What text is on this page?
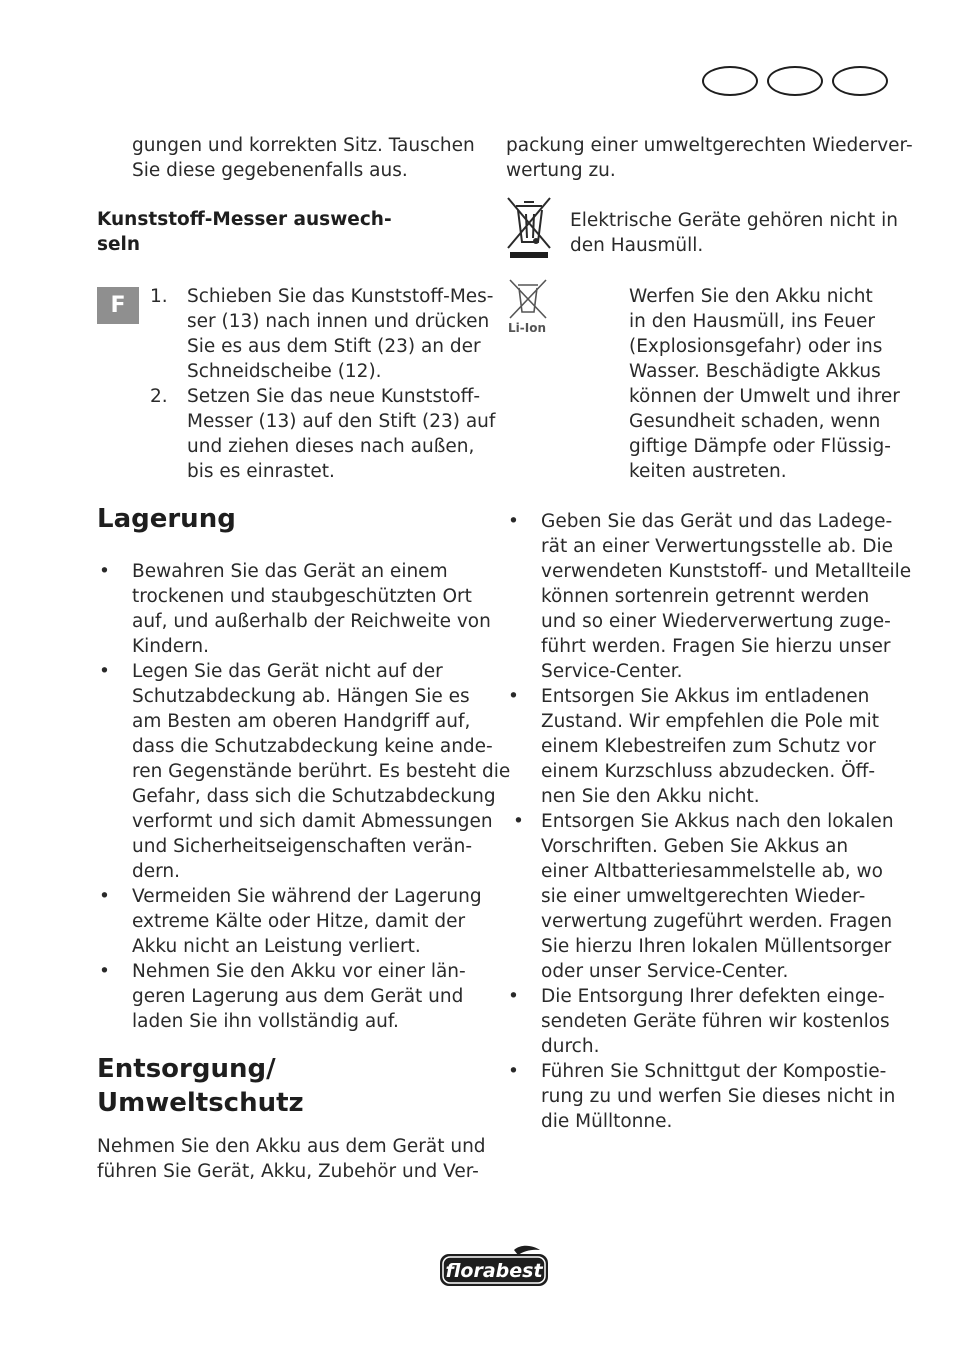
gungen und korrekten Sitz. Tauschen
Sie diese gegebenenfalls aus.
Kunststoff-Messer auswech-
seln
F	1. Schieben Sie das Kunststoff-Mes-
ser (13) nach innen und drücken
Sie es aus dem Stift (23) an der
Schneidscheibe (12).
2. Setzen Sie das neue Kunststoff-
Messer (13) auf den Stift (23) auf
und ziehen dieses nach außen,
bis es einrastet.
Lagerung
• Bewahren Sie das Gerät an einem
trockenen und staubgeschützten Ort
auf, und außerhalb der Reichweite von
Kindern.
• Legen Sie das Gerät nicht auf der
Schutzabdeckung ab. Hängen Sie es
am Besten am oberen Handgriff auf,
dass die Schutzabdeckung keine ande-
ren Gegenstände berührt. Es besteht die
Gefahr, dass sich die Schutzabdeckung
verformt und sich damit Abmessungen
und Sicherheitseigenschaften verän-
dern.
• Vermeiden Sie während der Lagerung
extreme Kälte oder Hitze, damit der
Akku nicht an Leistung verliert.
• Nehmen Sie den Akku vor einer län-
geren Lagerung aus dem Gerät und
laden Sie ihn vollständig auf.
Entsorgung/
Umweltschutz
Nehmen Sie den Akku aus dem Gerät und
führen Sie Gerät, Akku, Zubehör und Ver-
packung einer umweltgerechten Wiederver-
wertung zu.
Elektrische Geräte gehören nicht in
den Hausmüll.
Li-Ion
Werfen Sie den Akku nicht
in den Hausmüll, ins Feuer
(Explosionsgefahr) oder ins
Wasser. Beschädigte Akkus
können der Umwelt und ihrer
Gesundheit schaden, wenn
giftige Dämpfe oder Flüssig-
keiten austreten.
• Geben Sie das Gerät und das Ladege-
rät an einer Verwertungsstelle ab. Die
verwendeten Kunststoff- und Metallteile
können sortenrein getrennt werden
und so einer Wiederverwertung zuge-
führt werden. Fragen Sie hierzu unser
Service-Center.
• Entsorgen Sie Akkus im entladenen
Zustand. Wir empfehlen die Pole mit
einem Klebestreifen zum Schutz vor
einem Kurzschluss abzudecken. Öff-
nen Sie den Akku nicht.
• Entsorgen Sie Akkus nach den lokalen
Vorschriften. Geben Sie Akkus an
einer Altbatteriesammelstelle ab, wo
sie einer umweltgerechten Wieder-
verwertung zugeführt werden. Fragen
Sie hierzu Ihren lokalen Müllentsorger
oder unser Service-Center.
• Die Entsorgung Ihrer defekten einge-
sendeten Geräte führen wir kostenlos
durch.
• Führen Sie Schnittgut der Kompostie-
rung zu und werfen Sie dieses nicht in
die Mülltonne.
florabest
